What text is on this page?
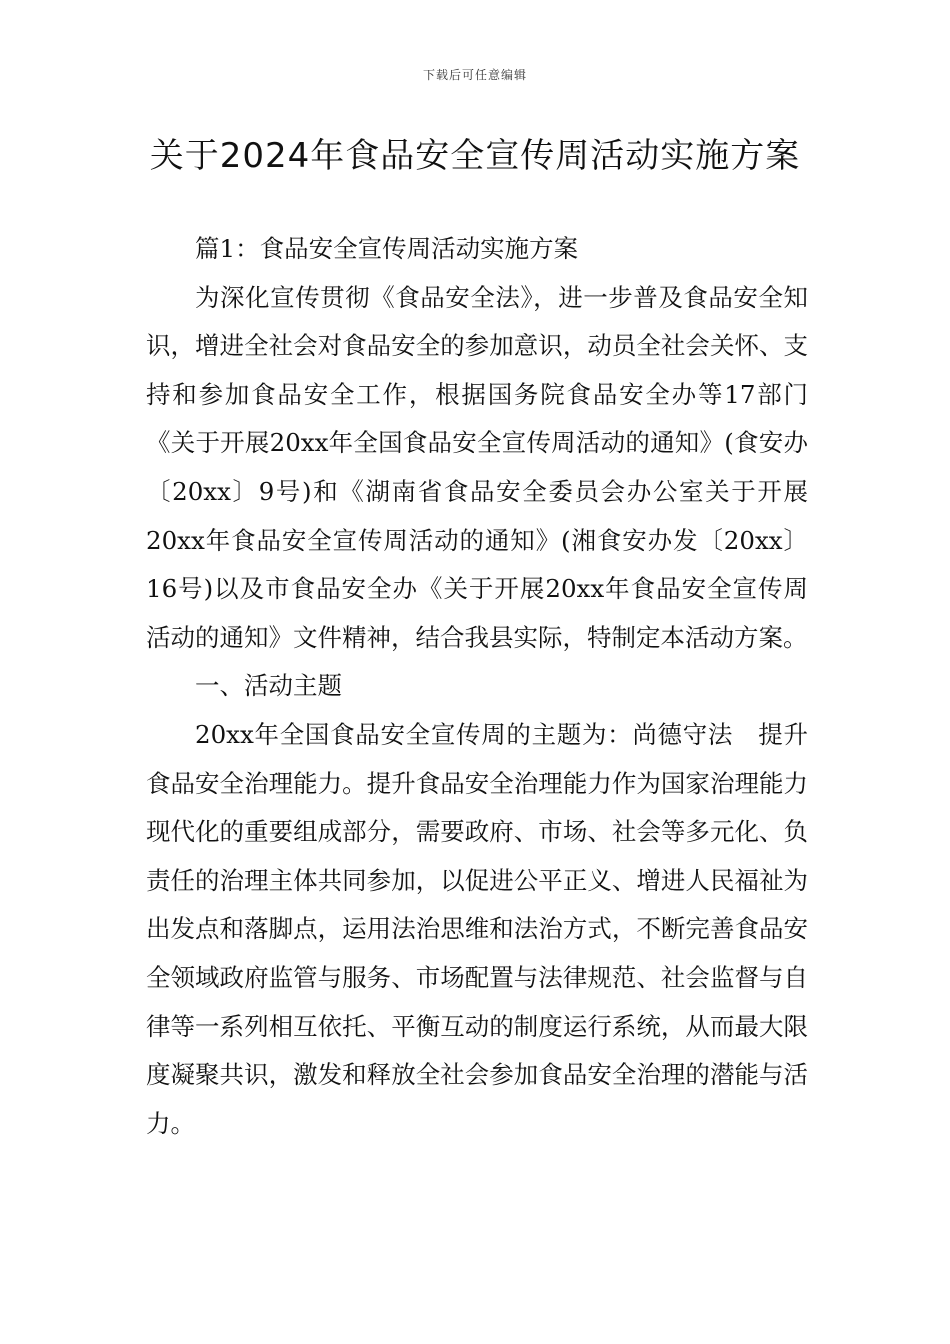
下载后可任意编辑
关于2024年食品安全宣传周活动实施方案

篇1：食品安全宣传周活动实施方案

为深化宣传贯彻《食品安全法》，进一步普及食品安全知识，增进全社会对食品安全的参加意识，动员全社会关怀、支持和参加食品安全工作，根据国务院食品安全办等17部门《关于开展20xx年全国食品安全宣传周活动的通知》(食安办〔20xx〕9号)和《湖南省食品安全委员会办公室关于开展20xx年食品安全宣传周活动的通知》(湘食安办发〔20xx〕16号)以及市食品安全办《关于开展20xx年食品安全宣传周活动的通知》文件精神，结合我县实际，特制定本活动方案。

一、活动主题

20xx年全国食品安全宣传周的主题为：尚德守法　提升食品安全治理能力。提升食品安全治理能力作为国家治理能力现代化的重要组成部分，需要政府、市场、社会等多元化、负责任的治理主体共同参加，以促进公平正义、增进人民福祉为出发点和落脚点，运用法治思维和法治方式，不断完善食品安全领域政府监管与服务、市场配置与法律规范、社会监督与自律等一系列相互依托、平衡互动的制度运行系统，从而最大限度凝聚共识，激发和释放全社会参加食品安全治理的潜能与活力。
